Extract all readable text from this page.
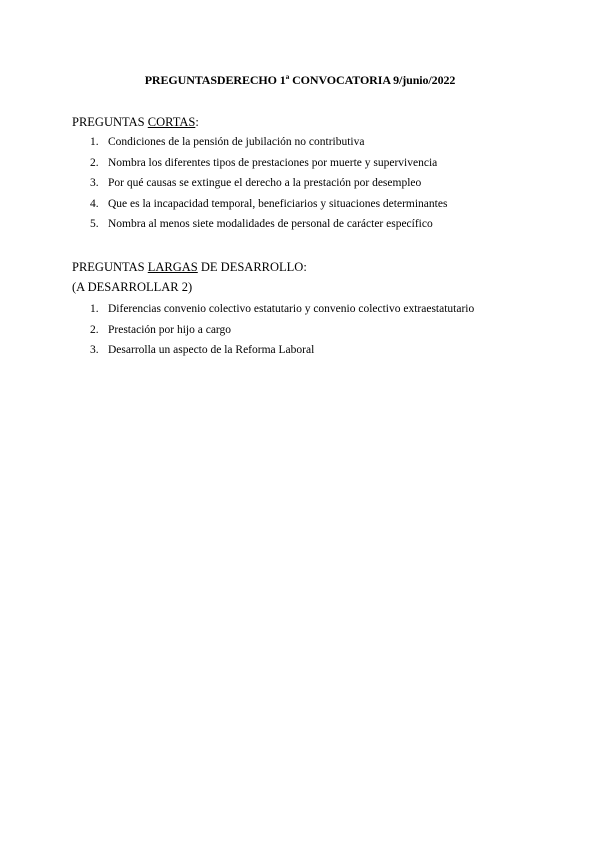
PREGUNTASDERECHO 1ª CONVOCATORIA 9/junio/2022
PREGUNTAS CORTAS:
1. Condiciones de la pensión de jubilación no contributiva
2. Nombra los diferentes tipos de prestaciones por muerte y supervivencia
3. Por qué causas se extingue el derecho a la prestación por desempleo
4. Que es la incapacidad temporal, beneficiarios y situaciones determinantes
5. Nombra al menos siete modalidades de personal de carácter específico
PREGUNTAS LARGAS DE DESARROLLO:
(A DESARROLLAR 2)
1. Diferencias convenio colectivo estatutario y convenio colectivo extraestatutario
2. Prestación por hijo a cargo
3. Desarrolla un aspecto de la Reforma Laboral
